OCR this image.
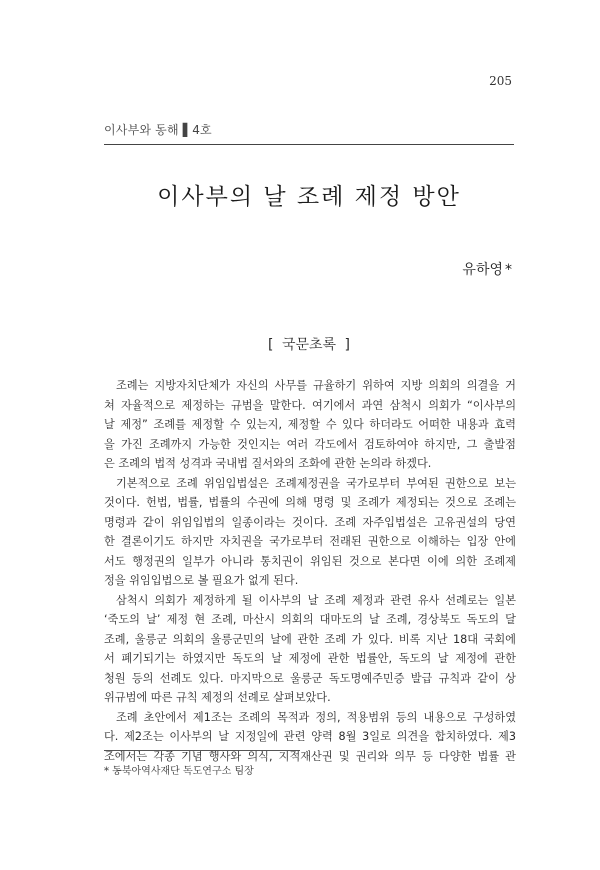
205
이사부와 동해 ▌4호
이사부의 날 조례 제정 방안
유하영 *
[ 국문초록 ]
조례는 지방자치단체가 자신의 사무를 규율하기 위하여 지방 의회의 의결을 거
쳐 자율적으로 제정하는 규범을 말한다. 여기에서 과연 삼척시 의회가 “이사부의
날 제정” 조례를 제정할 수 있는지, 제정할 수 있다 하더라도 어떠한 내용과 효력
을 가진 조례까지 가능한 것인지는 여러 각도에서 검토하여야 하지만, 그 출발점
은 조례의 법적 성격과 국내법 질서와의 조화에 관한 논의라 하겠다.
기본적으로 조례 위임입법설은 조례제정권을 국가로부터 부여된 권한으로 보는
것이다. 헌법, 법률, 법률의 수권에 의해 명령 및 조례가 제정되는 것으로 조례는
명령과 같이 위임입법의 일종이라는 것이다. 조례 자주입법설은 고유권설의 당연
한 결론이기도 하지만 자치권을 국가로부터 전래된 권한으로 이해하는 입장 안에
서도 행정권의 일부가 아니라 통치권이 위임된 것으로 본다면 이에 의한 조례제
정을 위임입법으로 볼 필요가 없게 된다.
삼척시 의회가 제정하게 될 이사부의 날 조례 제정과 관련 유사 선례로는 일본
‘죽도의 날’ 제정 현 조례, 마산시 의회의 대마도의 날 조례, 경상북도 독도의 달
조례, 울릉군 의회의 울릉군민의 날에 관한 조례 가 있다. 비록 지난 18대 국회에
서 폐기되기는 하였지만 독도의 날 제정에 관한 법률안, 독도의 날 제정에 관한
청원 등의 선례도 있다. 마지막으로 울릉군 독도명예주민증 발급 규칙과 같이 상
위규범에 따른 규칙 제정의 선례로 살펴보았다.
조례 초안에서 제1조는 조례의 목적과 정의, 적용범위 등의 내용으로 구성하였
다. 제2조는 이사부의 날 지정일에 관련 양력 8월 3일로 의견을 합치하였다. 제3
조에서는 각종 기념 행사와 의식, 지적재산권 및 권리와 의무 등 다양한 법률 관
* 동북아역사재단 독도연구소 팀장
